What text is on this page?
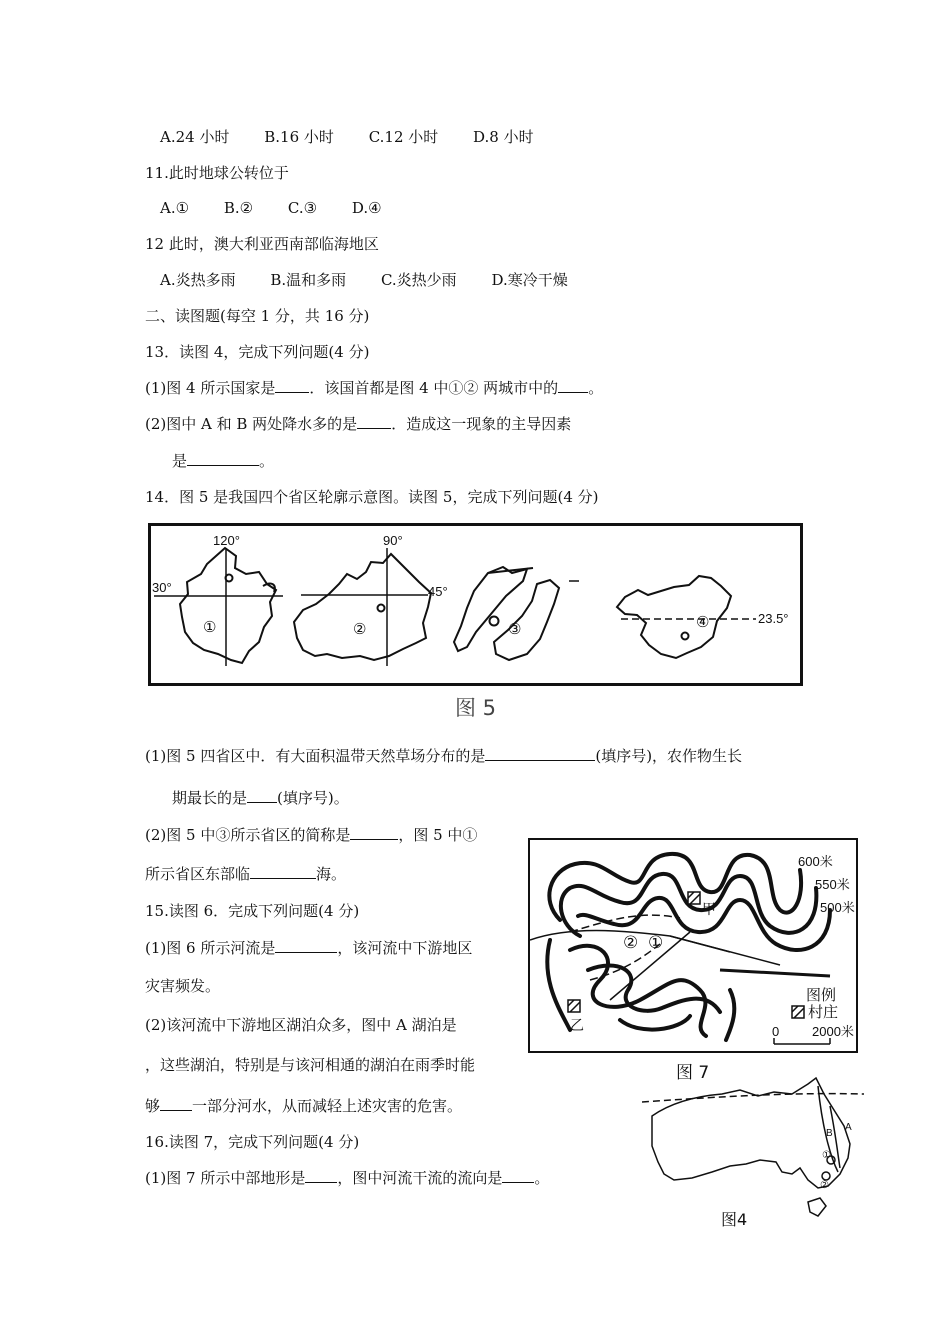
A.24 小时 B.16 小时 C.12 小时 D.8 小时
11.此时地球公转位于
A.① B.② C.③ D.④
12 此时，澳大利亚西南部临海地区
A.炎热多雨 B.温和多雨 C.炎热少雨 D.寒冷干燥
二、读图题(每空 1 分，共 16 分)
13．读图 4，完成下列问题(4 分)
(1)图 4 所示国家是 ．该国首都是图 4 中①② 两城市中的 。
(2)图中 A 和 B 两处降水多的是 ．造成这一现象的主导因素
是	。
14．图 5 是我国四个省区轮廓示意图。读图 5，完成下列问题(4 分)
120°
30°
90°
45°
23.5°
①	②	③	④
图 5
(1)图 5 四省区中．有大面积温带天然草场分布的是	(填序号)，农作物生长
期最长的是 (填序号)。
(2)图 5 中③所示省区的简称是	，图 5 中①
所示省区东部临	海。
15.读图 6．完成下列问题(4 分)
(1)图 6 所示河流是	，该河流中下游地区
灾害频发。
(2)该河流中下游地区湖泊众多，图中 A 湖泊是
，这些湖泊，特别是与该河相通的湖泊在雨季时能
够 一部分河水，从而减轻上述灾害的危害。
16.读图 7，完成下列问题(4 分)
(1)图 7 所示中部地形是 ，图中河流干流的流向是 。
600米
550米
500米
甲
乙
② ①
图例
村庄
0	2000米
图 7
B
A
①
②
图4
